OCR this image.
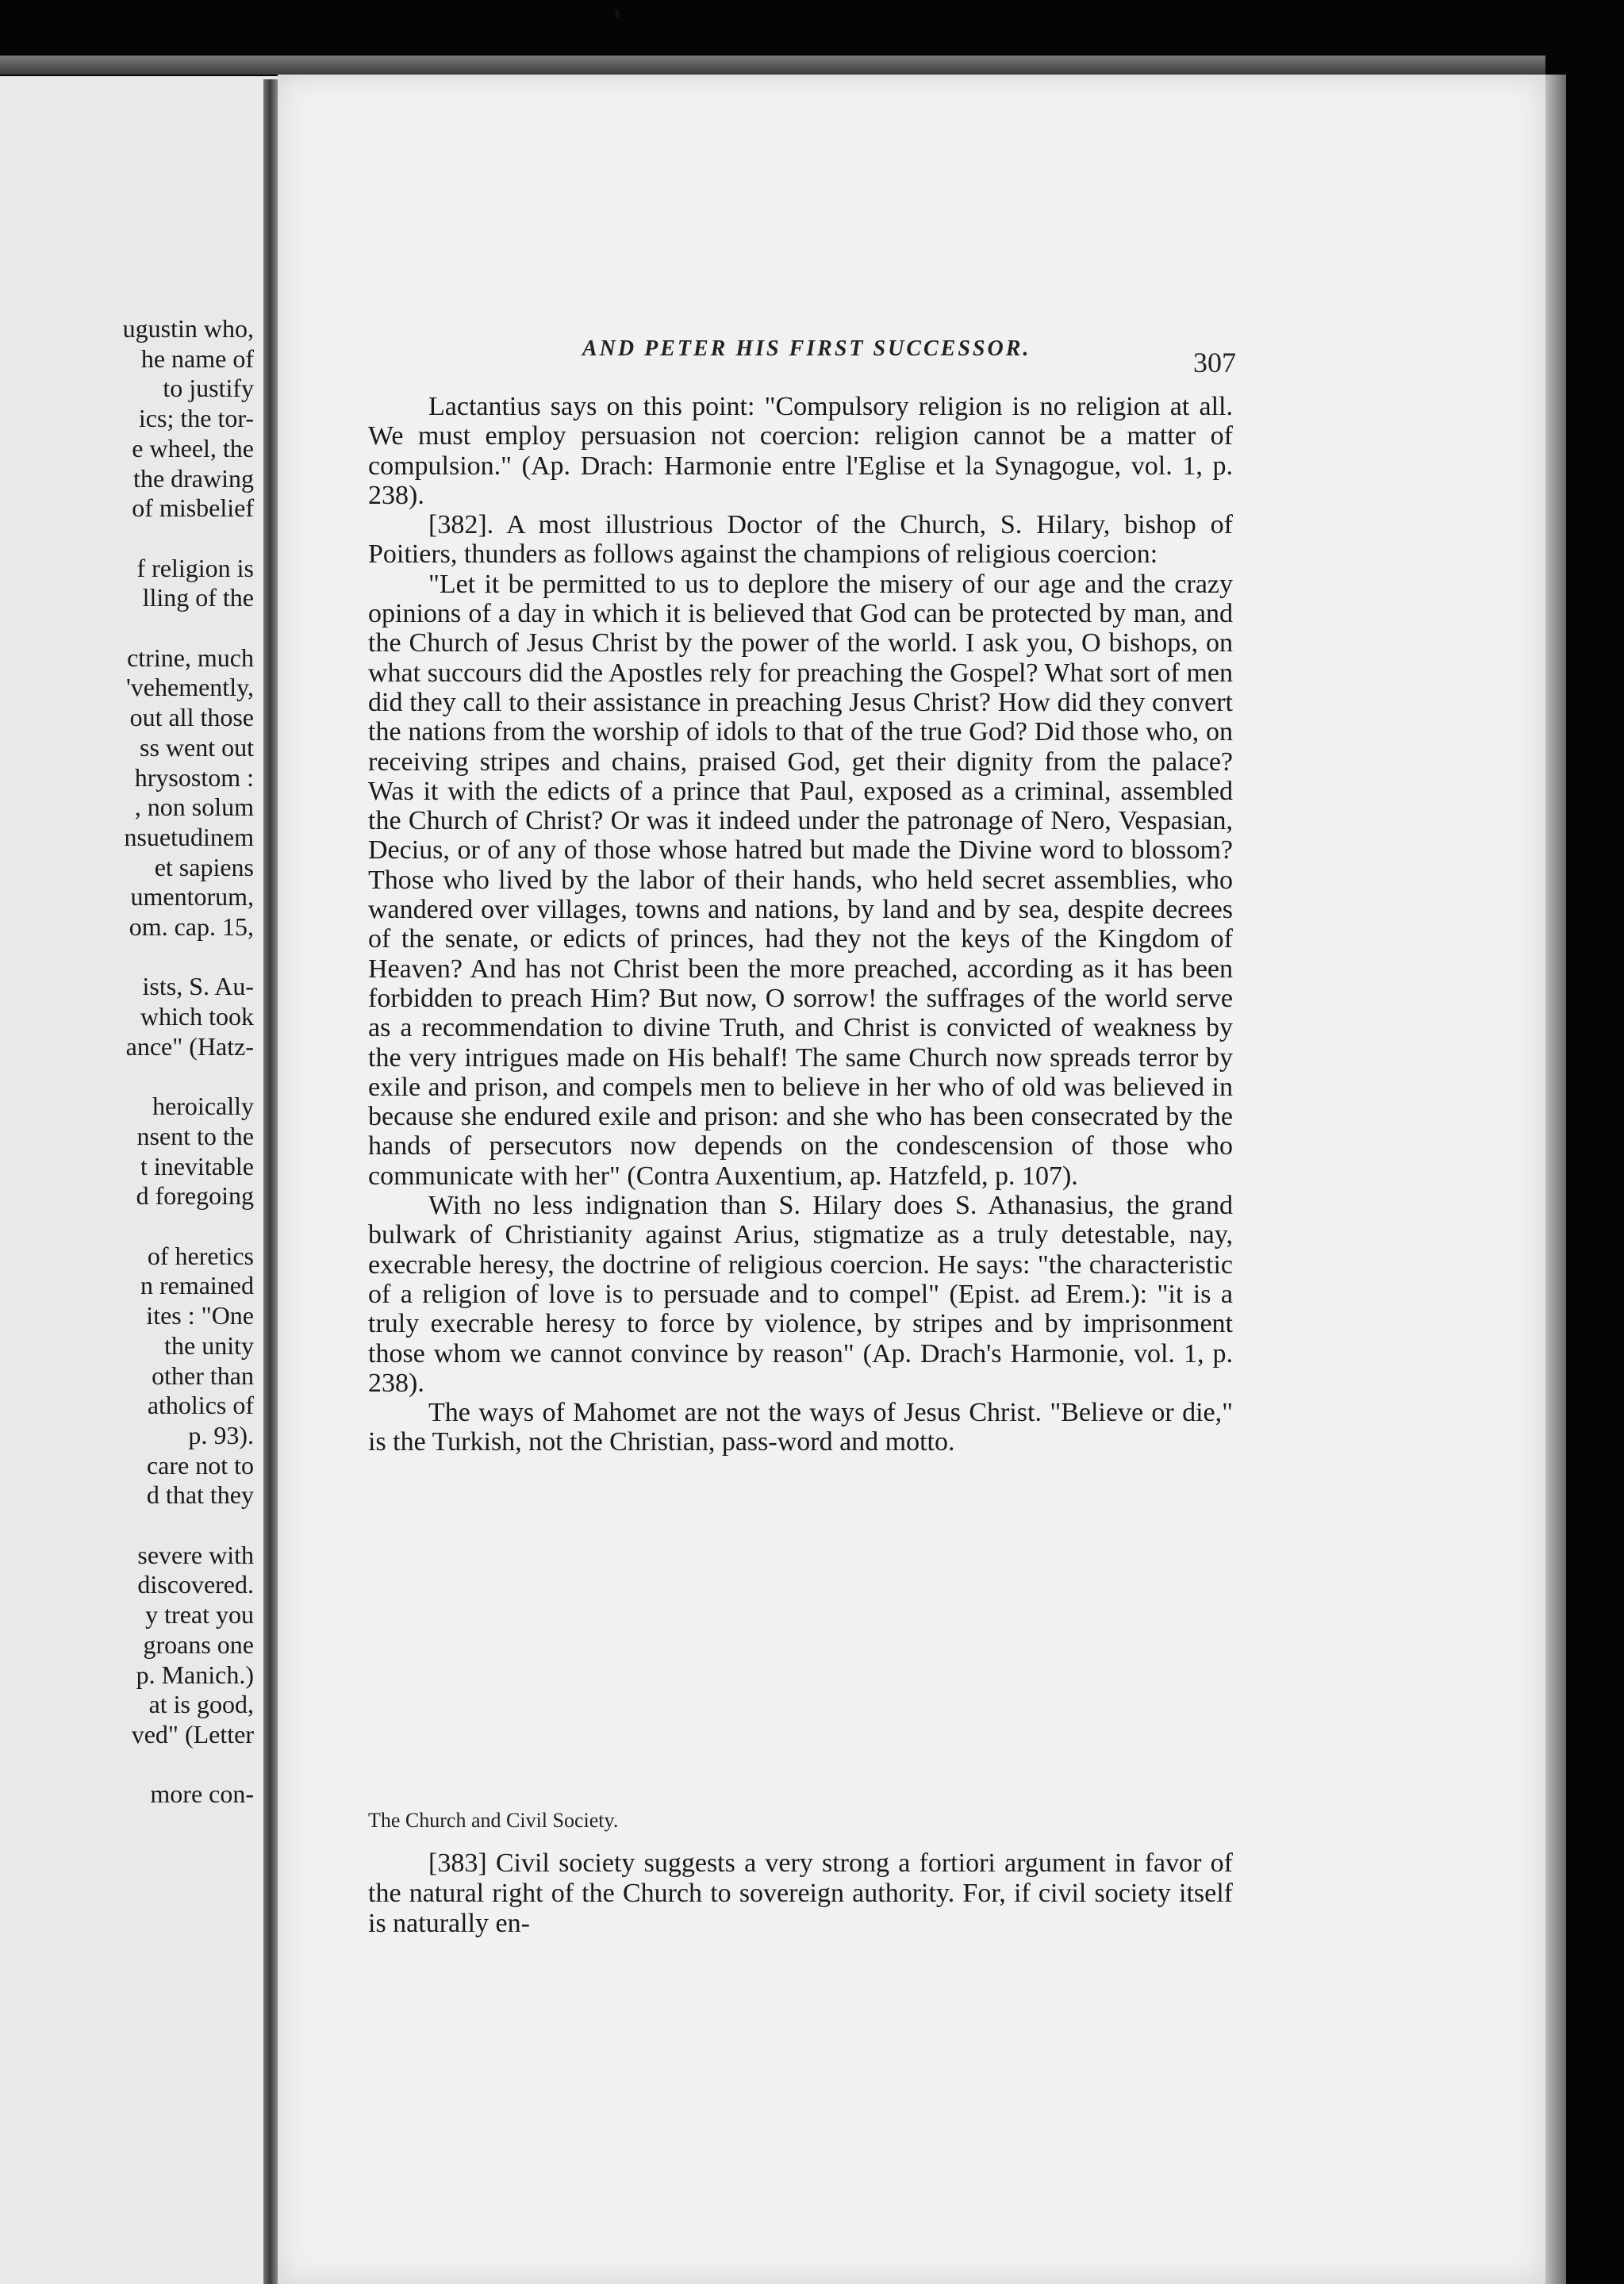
ugustin who,
he name of
to justify
ics; the tor-
e wheel, the
the drawing
of misbelief
f religion is
lling of the
ctrine, much
'vehemently,
out all those
ss went out
hrysostom :
, non solum
nsuetudinem
et sapiens
umentorum,
om. cap. 15,
ists, S. Au-
which took
ance" (Hatz-
heroically
nsent to the
t inevitable
d foregoing
of heretics
n remained
ites : "One
the unity
other than
atholics of
p. 93).
care not to
d that they
severe with
discovered.
y treat you
groans one
p. Manich.)
at is good,
ved" (Letter
more con-
AND PETER HIS FIRST SUCCESSOR.	307

Lactantius says on this point: "Compulsory religion is no religion at all. We must employ persuasion not coercion: religion cannot be a matter of compulsion." (Ap. Drach: Harmonie entre l'Eglise et la Synagogue, vol. 1, p. 238).

[382]. A most illustrious Doctor of the Church, S. Hilary, bishop of Poitiers, thunders as follows against the champions of religious coercion:

"Let it be permitted to us to deplore the misery of our age and the crazy opinions of a day in which it is believed that God can be protected by man, and the Church of Jesus Christ by the power of the world. I ask you, O bishops, on what succours did the Apostles rely for preaching the Gospel? What sort of men did they call to their assistance in preaching Jesus Christ? How did they convert the nations from the worship of idols to that of the true God? Did those who, on receiving stripes and chains, praised God, get their dignity from the palace? Was it with the edicts of a prince that Paul, exposed as a criminal, assembled the Church of Christ? Or was it indeed under the patronage of Nero, Vespasian, Decius, or of any of those whose hatred but made the Divine word to blossom? Those who lived by the labor of their hands, who held secret assemblies, who wandered over villages, towns and nations, by land and by sea, despite decrees of the senate, or edicts of princes, had they not the keys of the Kingdom of Heaven? And has not Christ been the more preached, according as it has been forbidden to preach Him? But now, O sorrow! the suffrages of the world serve as a recommendation to divine Truth, and Christ is convicted of weakness by the very intrigues made on His behalf! The same Church now spreads terror by exile and prison, and compels men to believe in her who of old was believed in because she endured exile and prison: and she who has been consecrated by the hands of persecutors now depends on the condescension of those who communicate with her" (Contra Auxentium, ap. Hatzfeld, p. 107).

With no less indignation than S. Hilary does S. Athanasius, the grand bulwark of Christianity against Arius, stigmatize as a truly detestable, nay, execrable heresy, the doctrine of religious coercion. He says: "the characteristic of a religion of love is to persuade and to compel" (Epist. ad Erem.): "it is a truly execrable heresy to force by violence, by stripes and by imprisonment those whom we cannot convince by reason" (Ap. Drach's Harmonie, vol. 1, p. 238).

The ways of Mahomet are not the ways of Jesus Christ. "Believe or die," is the Turkish, not the Christian, pass-word and motto.

The Church and Civil Society.

[383] Civil society suggests a very strong a fortiori argument in favor of the natural right of the Church to sovereign authority. For, if civil society itself is naturally en-
